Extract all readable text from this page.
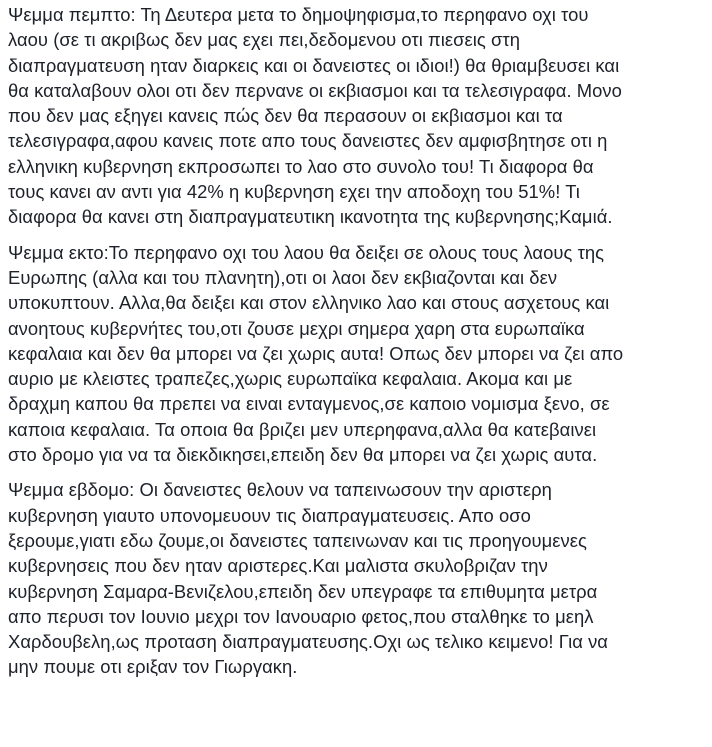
Ψεμμα πεμπτο: Τη Δευτερα μετα το δημοψηφισμα,το περηφανο οχι του
λαου (σε τι ακριβως δεν μας εχει πει,δεδομενου οτι πιεσεις στη
διαπραγματευση ηταν διαρκεις και οι δανειστες οι ιδιοι!) θα θριαμβευσει και
θα καταλαβουν ολοι οτι δεν περνανε οι εκβιασμοι και τα τελεσιγραφα. Μονο
που δεν μας εξηγει κανεις πώς δεν θα περασουν οι εκβιασμοι και τα
τελεσιγραφα,αφου κανεις ποτε απο τους δανειστες δεν αμφισβητησε οτι η
ελληνικη κυβερνηση εκπροσωπει το λαο στο συνολο του! Τι διαφορα θα
τους κανει αν αντι για 42% η κυβερνηση εχει την αποδοχη του 51%! Τι
διαφορα θα κανει στη διαπραγματευτικη ικανοτητα της κυβερνησης;Καμιά.
Ψεμμα εκτο:Το περηφανο οχι του λαου θα δειξει σε ολους τους λαους της
Ευρωπης (αλλα και του πλανητη),οτι οι λαοι δεν εκβιαζονται και δεν
υποκυπτουν. Αλλα,θα δειξει και στον ελληνικο λαο και στους ασχετους και
ανοητους κυβερνήτες του,οτι ζουσε μεχρι σημερα χαρη στα ευρωπαϊκα
κεφαλαια και δεν θα μπορει να ζει χωρις αυτα! Οπως δεν μπορει να ζει απο
αυριο με κλειστες τραπεζες,χωρις ευρωπαϊκα κεφαλαια. Ακομα και με
δραχμη καπου θα πρεπει να ειναι ενταγμενος,σε καποιο νομισμα ξενο, σε
καποια κεφαλαια. Τα οποια θα βριζει μεν υπερηφανα,αλλα θα κατεβαινει
στο δρομο για να τα διεκδικησει,επειδη δεν θα μπορει να ζει χωρις αυτα.
Ψεμμα εβδομο: Οι δανειστες θελουν να ταπεινωσουν την αριστερη
κυβερνηση γιαυτο υπονομευουν τις διαπραγματευσεις. Απο οσο
ξερουμε,γιατι εδω ζουμε,οι δανειστες ταπεινωναν και τις προηγουμενες
κυβερνησεις που δεν ηταν αριστερες.Και μαλιστα σκυλοβριζαν την
κυβερνηση Σαμαρα-Βενιζελου,επειδη δεν υπεγραφε τα επιθυμητα μετρα
απο περυσι τον Ιουνιο μεχρι τον Ιανουαριο φετος,που σταλθηκε το μεηλ
Χαρδουβελη,ως προταση διαπραγματευσης.Οχι ως τελικο κειμενο! Για να
μην πουμε οτι εριξαν τον Γιωργακη.
